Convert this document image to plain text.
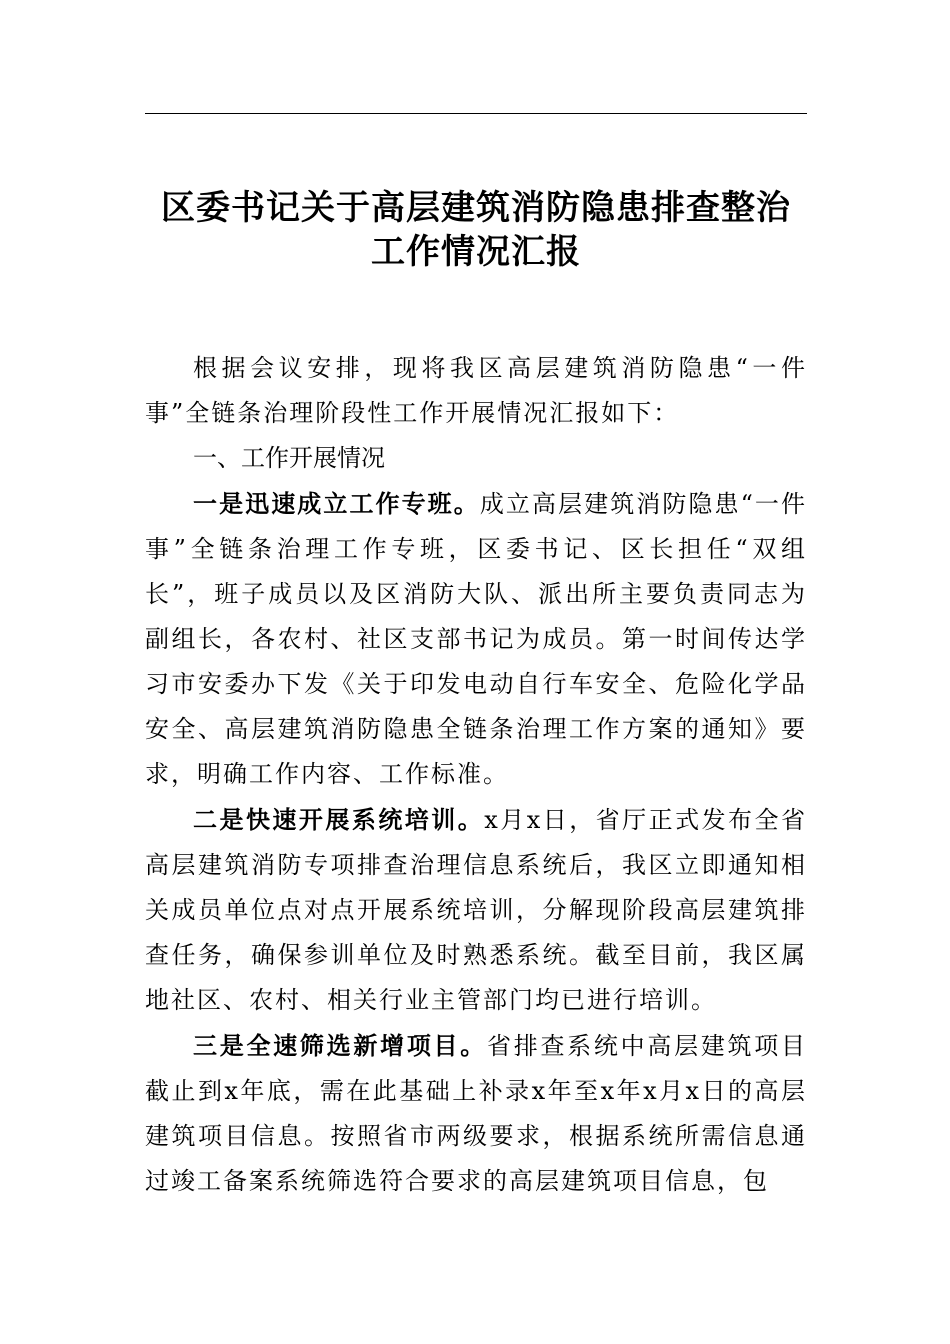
区委书记关于高层建筑消防隐患排查整治
工作情况汇报

根据会议安排，现将我区高层建筑消防隐患“一件事”全链条治理阶段性工作开展情况汇报如下：

一、工作开展情况

一是迅速成立工作专班。成立高层建筑消防隐患“一件事”全链条治理工作专班，区委书记、区长担任“双组长”，班子成员以及区消防大队、派出所主要负责同志为副组长，各农村、社区支部书记为成员。第一时间传达学习市安委办下发《关于印发电动自行车安全、危险化学品安全、高层建筑消防隐患全链条治理工作方案的通知》要求，明确工作内容、工作标准。

二是快速开展系统培训。x月x日，省厅正式发布全省高层建筑消防专项排查治理信息系统后，我区立即通知相关成员单位点对点开展系统培训，分解现阶段高层建筑排查任务，确保参训单位及时熟悉系统。截至目前，我区属地社区、农村、相关行业主管部门均已进行培训。

三是全速筛选新增项目。省排查系统中高层建筑项目截止到x年底，需在此基础上补录x年至x年x月x日的高层建筑项目信息。按照省市两级要求，根据系统所需信息通过竣工备案系统筛选符合要求的高层建筑项目信息，包
